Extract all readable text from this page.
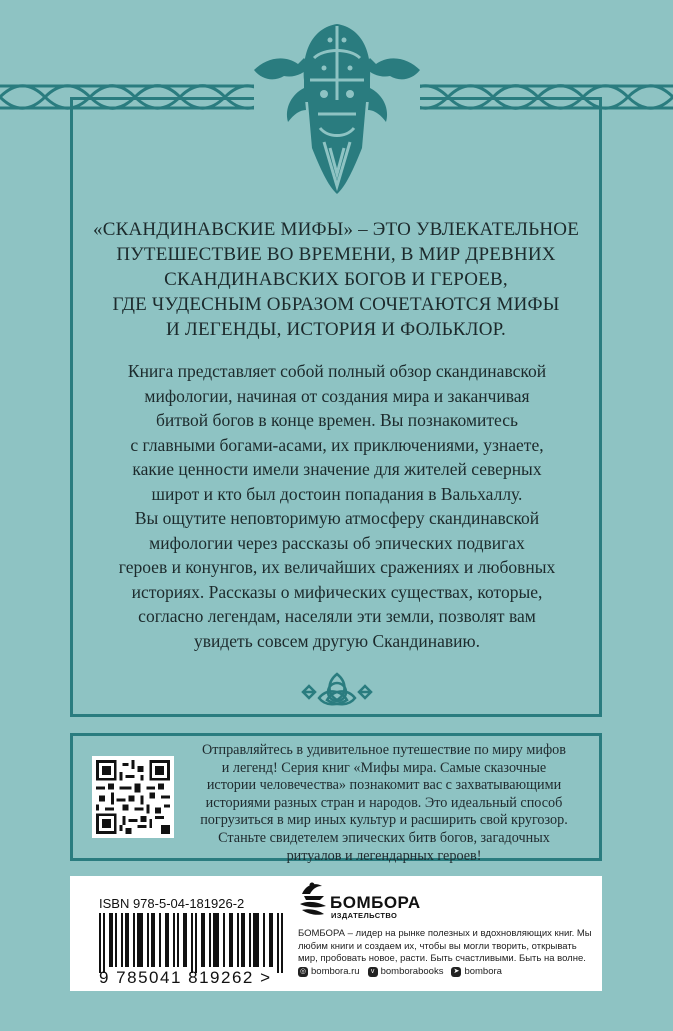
«СКАНДИНАВСКИЕ МИФЫ» – ЭТО УВЛЕКАТЕЛЬНОЕ

ПУТЕШЕСТВИЕ ВО ВРЕМЕНИ, В МИР ДРЕВНИХ

СКАНДИНАВСКИХ БОГОВ И ГЕРОЕВ,

ГДЕ ЧУДЕСНЫМ ОБРАЗОМ СОЧЕТАЮТСЯ МИФЫ

И ЛЕГЕНДЫ, ИСТОРИЯ И ФОЛЬКЛОР.

Книга представляет собой полный обзор скандинавской

мифологии, начиная от создания мира и заканчивая

битвой богов в конце времен. Вы познакомитесь

с главными богами-асами, их приключениями, узнаете,

какие ценности имели значение для жителей северных

широт и кто был достоин попадания в Вальхаллу.

Вы ощутите неповторимую атмосферу скандинавской

мифологии через рассказы об эпических подвигах

героев и конунгов, их величайших сражениях и любовных

историях. Рассказы о мифических существах, которые,

согласно легендам, населяли эти земли, позволят вам

увидеть совсем другую Скандинавию.

Отправляйтесь в удивительное путешествие по миру мифов
и легенд! Серия книг «Мифы мира. Самые сказочные
истории человечества» познакомит вас с захватывающими
историями разных стран и народов. Это идеальный способ
погрузиться в мир иных культур и расширить свой кругозор.
Станьте свидетелем эпических битв богов, загадочных
ритуалов и легендарных героев!
ISBN 978-5-04-181926-2
9 785041 819262 >
БОМБОРА
ИЗДАТЕЛЬСТВО
БОМБОРА – лидер на рынке полезных и вдохновляющих книг. Мы любим книги и создаем их, чтобы вы могли творить, открывать мир, пробовать новое, расти. Быть счастливыми. Быть на волне.
◎ bombora.ru	v bomborabooks ➤ bombora
